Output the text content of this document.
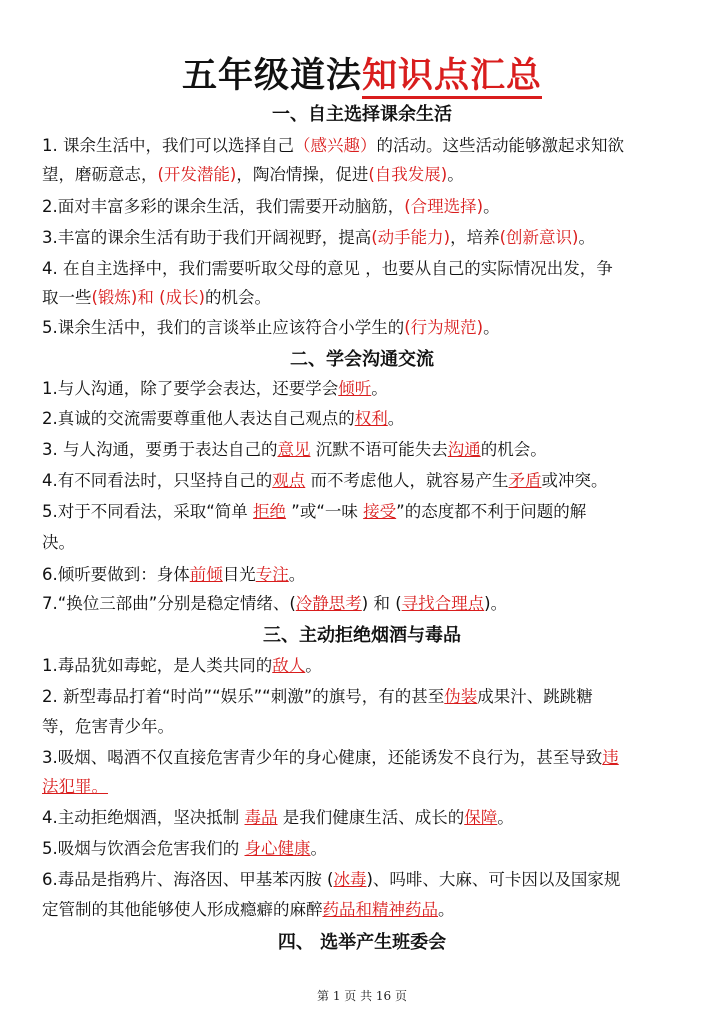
五年级道法知识点汇总
一、自主选择课余生活
1. 课余生活中，我们可以选择自己（感兴趣）的活动。这些活动能够激起求知欲
望，磨砺意志，(开发潜能)，陶冶情操，促进(自我发展)。
2.面对丰富多彩的课余生活，我们需要开动脑筋，(合理选择)。
3.丰富的课余生活有助于我们开阔视野，提高(动手能力)，培养(创新意识)。
4. 在自主选择中，我们需要听取父母的意见 ，也要从自己的实际情况出发，争
取一些(锻炼)和 (成长)的机会。
5.课余生活中，我们的言谈举止应该符合小学生的(行为规范)。
二、学会沟通交流
1.与人沟通，除了要学会表达，还要学会倾听。
2.真诚的交流需要尊重他人表达自己观点的权利。
3. 与人沟通，要勇于表达自己的意见 沉默不语可能失去沟通的机会。
4.有不同看法时，只坚持自己的观点 而不考虑他人，就容易产生矛盾或冲突。
5.对于不同看法，采取“简单 拒绝 ”或“一味 接受”的态度都不利于问题的解
决。
6.倾听要做到：身体前倾目光专注。
7.“换位三部曲”分别是稳定情绪、(冷静思考) 和 (寻找合理点)。
三、主动拒绝烟酒与毒品
1.毒品犹如毒蛇，是人类共同的敌人。
2. 新型毒品打着“时尚”“娱乐”“刺激”的旗号，有的甚至伪装成果汁、跳跳糖
等，危害青少年。
3.吸烟、喝酒不仅直接危害青少年的身心健康，还能诱发不良行为，甚至导致违
法犯罪。
4.主动拒绝烟酒，坚决抵制 毒品 是我们健康生活、成长的保障。
5.吸烟与饮酒会危害我们的 身心健康。
6.毒品是指鸦片、海洛因、甲基苯丙胺 (冰毒)、吗啡、大麻、可卡因以及国家规
定管制的其他能够使人形成瘾癖的麻醉药品和精神药品。
四、 选举产生班委会
第 1 页 共 16 页
